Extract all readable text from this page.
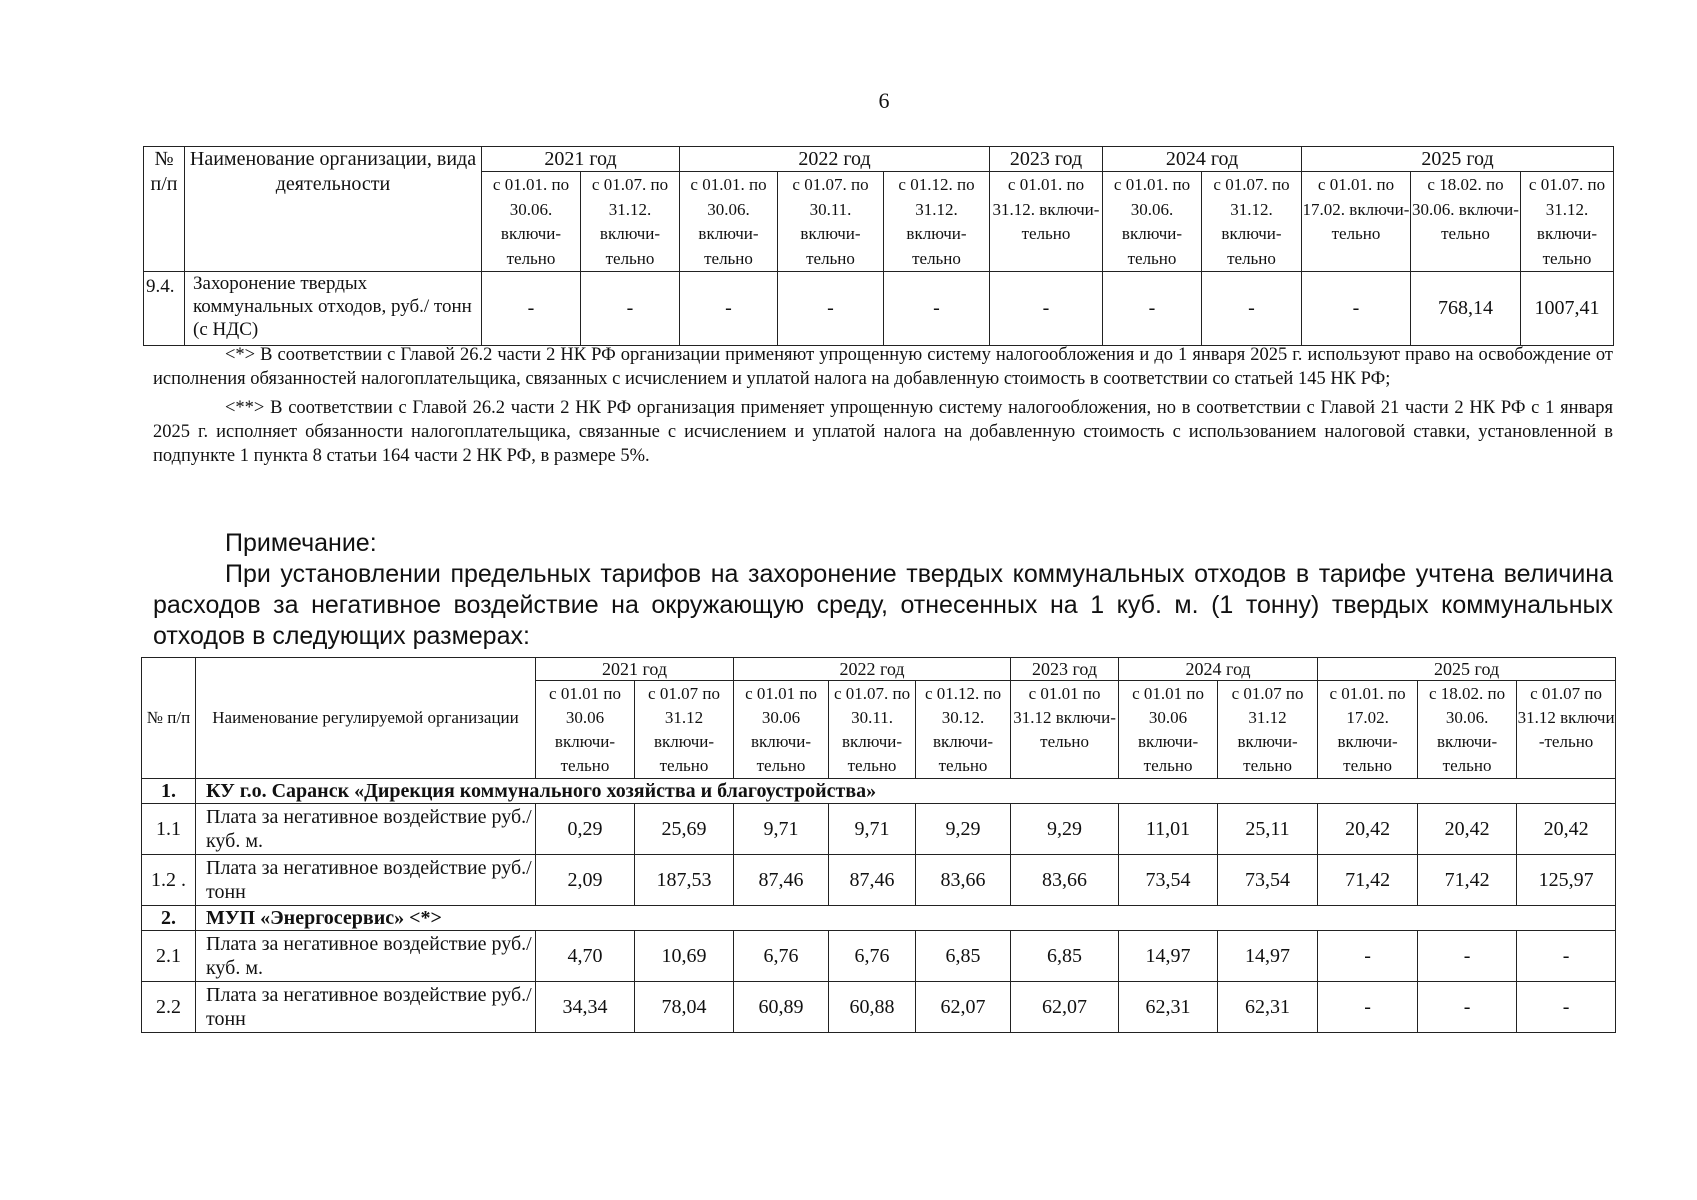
6
№ п/п	Наименование организации, вида деятельности	2021 год		2022 год			2023 год	2024 год		2025 год		
		с 01.01. по 30.06. включи-тельно	с 01.07. по 31.12. включи-тельно	с 01.01. по 30.06. включи-тельно	с 01.07. по 30.11. включи-тельно	с 01.12. по 31.12. включи-тельно	с 01.01. по 31.12. включи-тельно	с 01.01. по 30.06. включи-тельно	с 01.07. по 31.12. включи-тельно	с 01.01. по 17.02. включи-тельно	с 18.02. по 30.06. включи-тельно	с 01.07. по 31.12. включи-тельно
9.4.	Захоронение твердых коммунальных отходов, руб./ тонн (с НДС)	-	-	-	-	-	-	-	-	-	768,14	1007,41

<*> В соответствии с Главой 26.2 части 2 НК РФ организации применяют упрощенную систему налогообложения и до 1 января 2025 г. используют право на освобождение от исполнения обязанностей налогоплательщика, связанных с исчислением и уплатой налога на добавленную стоимость в соответствии со статьей 145 НК РФ;

<**> В соответствии с Главой 26.2 части 2 НК РФ организация применяет упрощенную систему налогообложения, но в соответствии с Главой 21 части 2 НК РФ с 1 января 2025 г. исполняет обязанности налогоплательщика, связанные с исчислением и уплатой налога на добавленную стоимость с использованием налоговой ставки, установленной в подпункте 1 пункта 8 статьи 164 части 2 НК РФ, в размере 5%.

Примечание:

При установлении предельных тарифов на захоронение твердых коммунальных отходов в тарифе учтена величина расходов за негативное воздействие на окружающую среду, отнесенных на 1 куб. м. (1 тонну) твердых коммунальных отходов в следующих размерах:

№ п/п	Наименование регулируемой организации	2021 год		2022 год			2023 год	2024 год		2025 год		
		с 01.01 по 30.06 включи-тельно	с 01.07 по 31.12 включи-тельно	с 01.01 по 30.06 включи-тельно	с 01.07. по 30.11. включи-тельно	с 01.12. по 30.12. включи-тельно	с 01.01 по 31.12 включи-тельно	с 01.01 по 30.06 включи-тельно	с 01.07 по 31.12 включи-тельно	с 01.01. по 17.02. включи-тельно	с 18.02. по 30.06. включи-тельно	с 01.07 по 31.12 включи -тельно
1.	КУ г.о. Саранск «Дирекция коммунального хозяйства и благоустройства»											
1.1	Плата за негативное воздействие руб./ куб. м.	0,29	25,69	9,71	9,71	9,29	9,29	11,01	25,11	20,42	20,42	20,42
1.2 .	Плата за негативное воздействие руб./ тонн	2,09	187,53	87,46	87,46	83,66	83,66	73,54	73,54	71,42	71,42	125,97
2.	МУП «Энергосервис» <*>											
2.1	Плата за негативное воздействие руб./ куб. м.	4,70	10,69	6,76	6,76	6,85	6,85	14,97	14,97	-	-	-
2.2	Плата за негативное воздействие руб./ тонн	34,34	78,04	60,89	60,88	62,07	62,07	62,31	62,31	-	-	-
